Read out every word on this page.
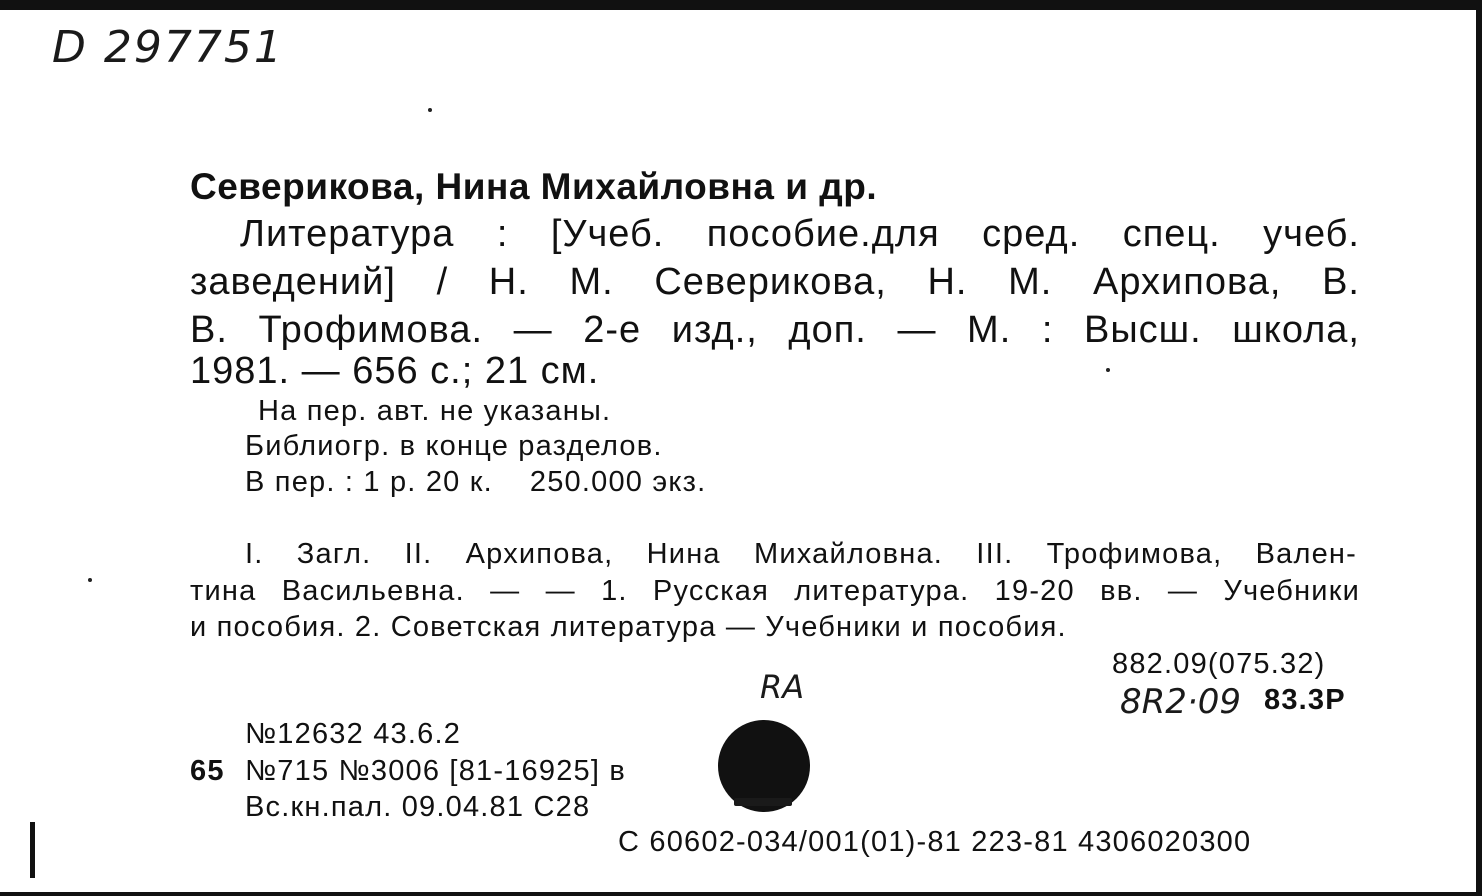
D 297751
Северикова, Нина Михайловна и др.
Литература : [Учеб. пособие.для сред. спец. учеб.
заведений] / Н. М. Северикова, Н. М. Архипова, В.
В. Трофимова. — 2-е изд., доп. — М. : Высш. школа,
1981. — 656 с.; 21 см.
На пер. авт. не указаны.
Библиогр. в конце разделов.
В пер. : 1 р. 20 к.    250.000 экз.
I. Загл. II. Архипова, Нина Михайловна. III. Трофимова, Вален-
тина Васильевна. — — 1. Русская литература. 19-20 вв. — Учебники
и пособия. 2. Советская литература — Учебники и пособия.
882.09(075.32)
RA	8R2·09 83.3Р
№12632 43.6.2
65 №715 №3006 [81-16925] в
Вс.кн.пал. 09.04.81 С28
С 60602-034/001(01)-81 223-81 4306020300
